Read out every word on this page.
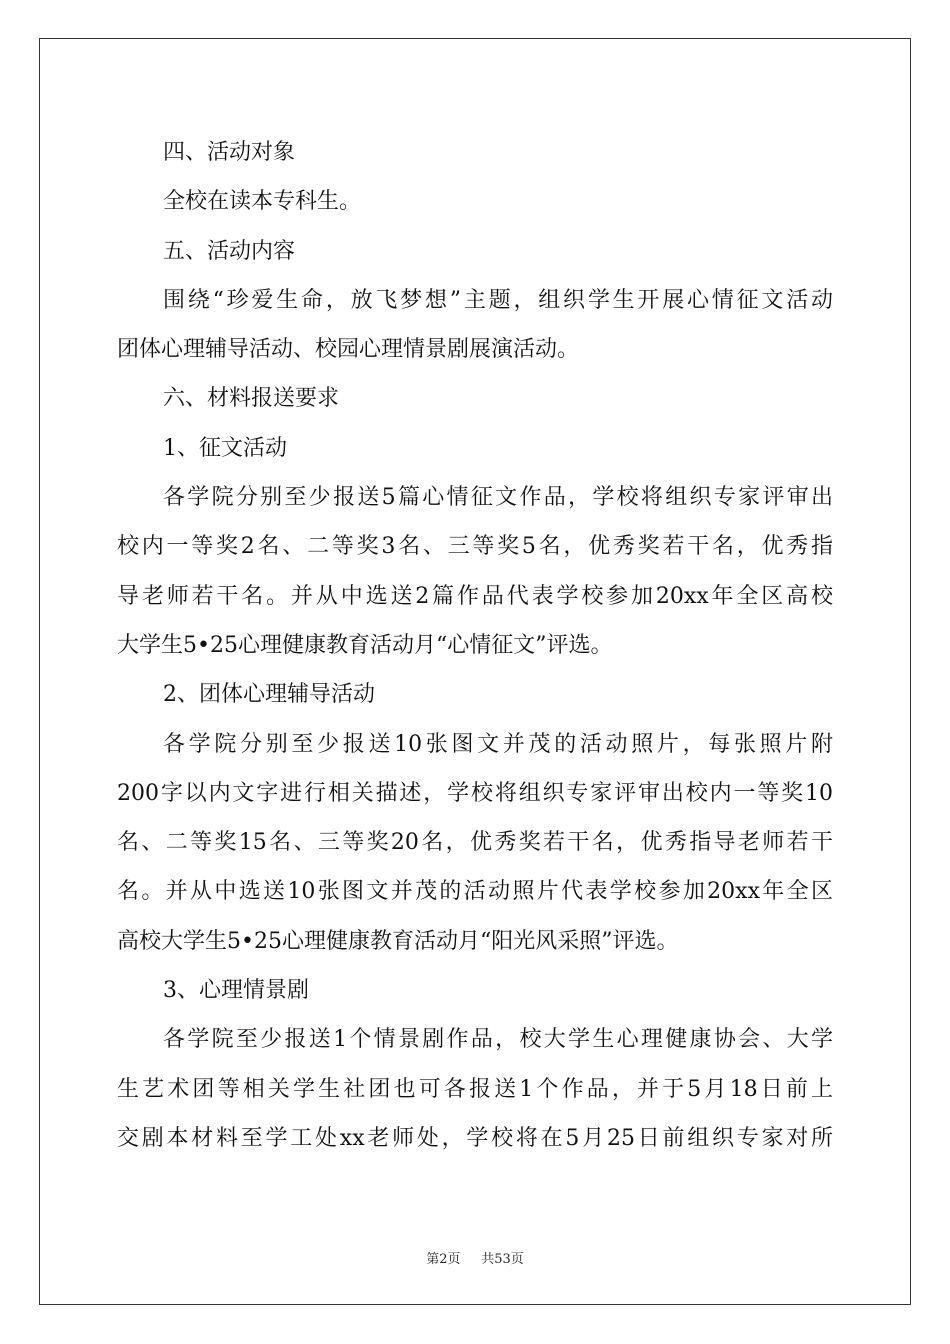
四、活动对象
全校在读本专科生。
五、活动内容
围绕“珍爱生命，放飞梦想”主题，组织学生开展心情征文活动
团体心理辅导活动、校园心理情景剧展演活动。
六、材料报送要求
1、征文活动
各学院分别至少报送5篇心情征文作品，学校将组织专家评审出
校内一等奖2名、二等奖3名、三等奖5名，优秀奖若干名，优秀指
导老师若干名。并从中选送2篇作品代表学校参加20xx年全区高校
大学生5•25心理健康教育活动月“心情征文”评选。
2、团体心理辅导活动
各学院分别至少报送10张图文并茂的活动照片，每张照片附
200字以内文字进行相关描述，学校将组织专家评审出校内一等奖10
名、二等奖15名、三等奖20名，优秀奖若干名，优秀指导老师若干
名。并从中选送10张图文并茂的活动照片代表学校参加20xx年全区
高校大学生5•25心理健康教育活动月“阳光风采照”评选。
3、心理情景剧
各学院至少报送1个情景剧作品，校大学生心理健康协会、大学
生艺术团等相关学生社团也可各报送1个作品，并于5月18日前上
交剧本材料至学工处xx老师处，学校将在5月25日前组织专家对所
第2页 共53页
